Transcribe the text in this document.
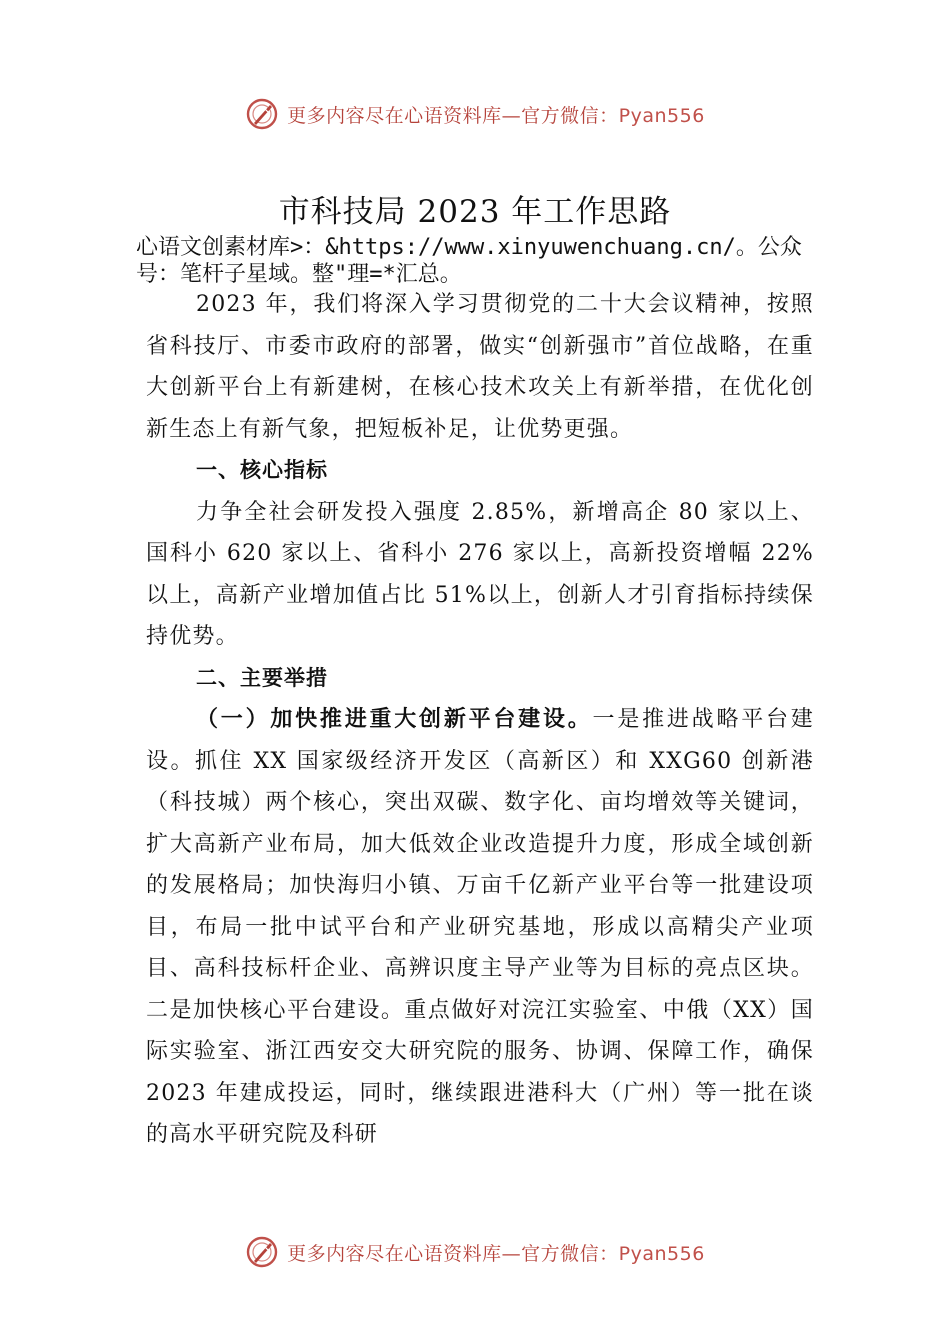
更多内容尽在心语资料库—官方微信：Pyan556
市科技局 2023 年工作思路

心语文创素材库>：&https://www.xinyuwenchuang.cn/。公众号：笔杆子星域。整"理=*汇总。

2023 年，我们将深入学习贯彻党的二十大会议精神，按照省科技厅、市委市政府的部署，做实“创新强市”首位战略，在重大创新平台上有新建树，在核心技术攻关上有新举措，在优化创新生态上有新气象，把短板补足，让优势更强。

一、核心指标

力争全社会研发投入强度 2.85%，新增高企 80 家以上、国科小 620 家以上、省科小 276 家以上，高新投资增幅 22%以上，高新产业增加值占比 51%以上，创新人才引育指标持续保持优势。

二、主要举措

（一）加快推进重大创新平台建设。一是推进战略平台建设。抓住 XX 国家级经济开发区（高新区）和 XXG60 创新港（科技城）两个核心，突出双碳、数字化、亩均增效等关键词，扩大高新产业布局，加大低效企业改造提升力度，形成全域创新的发展格局；加快海归小镇、万亩千亿新产业平台等一批建设项目，布局一批中试平台和产业研究基地，形成以高精尖产业项目、高科技标杆企业、高辨识度主导产业等为目标的亮点区块。二是加快核心平台建设。重点做好对浣江实验室、中俄（XX）国际实验室、浙江西安交大研究院的服务、协调、保障工作，确保 2023 年建成投运，同时，继续跟进港科大（广州）等一批在谈的高水平研究院及科研

更多内容尽在心语资料库—官方微信：Pyan556
